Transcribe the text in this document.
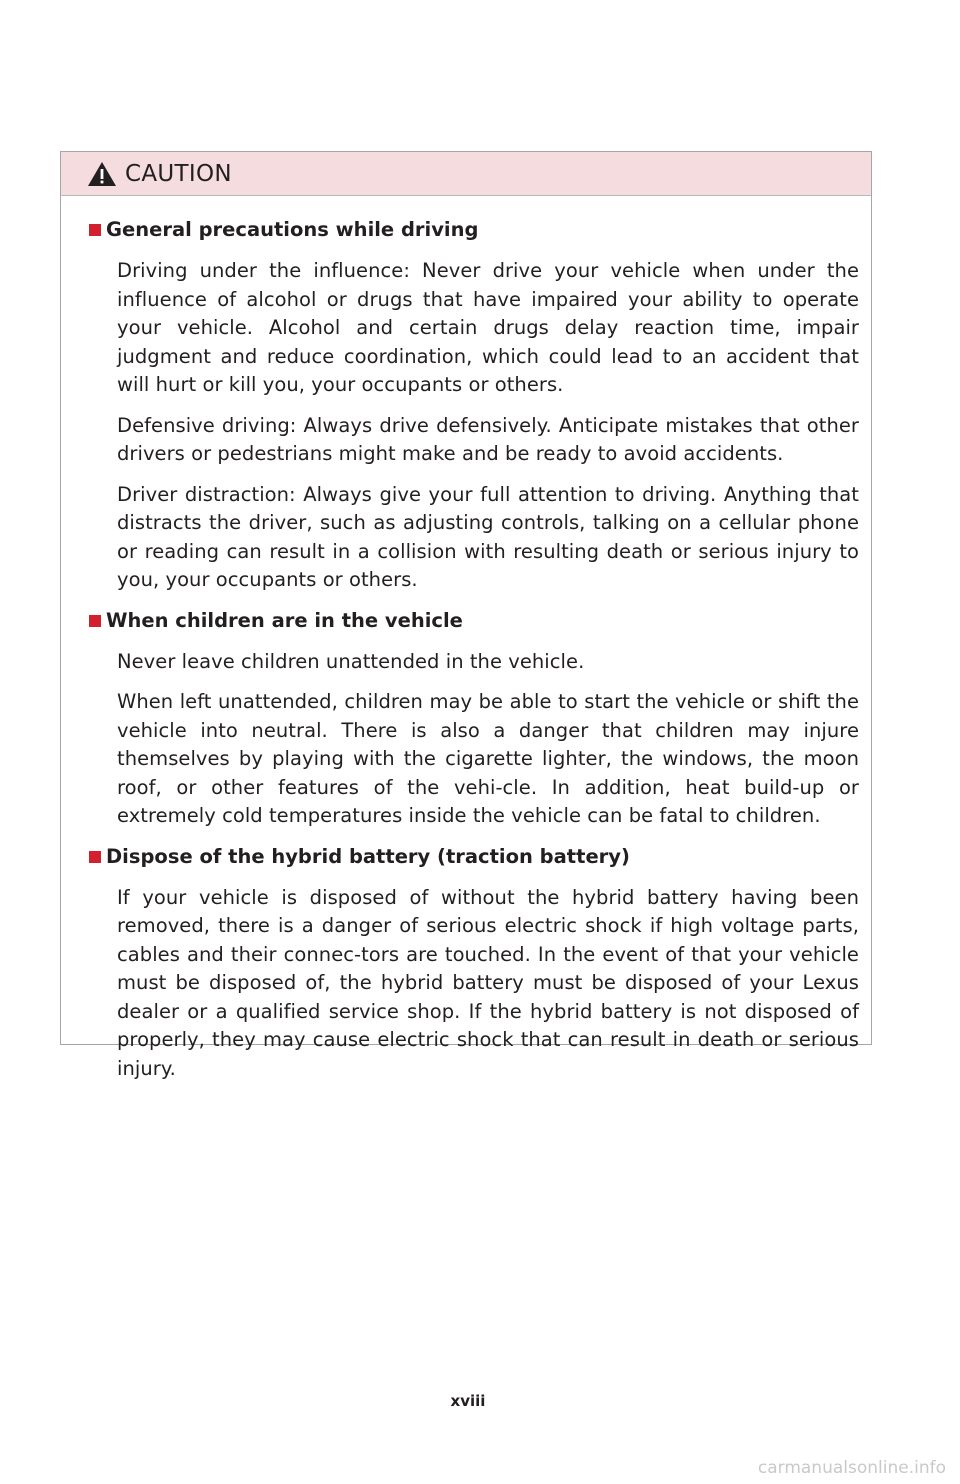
CAUTION
General precautions while driving

Driving under the influence: Never drive your vehicle when under the influence of alcohol or drugs that have impaired your ability to operate your vehicle. Alcohol and certain drugs delay reaction time, impair judgment and reduce coordination, which could lead to an accident that will hurt or kill you, your occupants or others.

Defensive driving: Always drive defensively. Anticipate mistakes that other drivers or pedestrians might make and be ready to avoid accidents.

Driver distraction: Always give your full attention to driving. Anything that distracts the driver, such as adjusting controls, talking on a cellular phone or reading can result in a collision with resulting death or serious injury to you, your occupants or others.

When children are in the vehicle

Never leave children unattended in the vehicle.

When left unattended, children may be able to start the vehicle or shift the vehicle into neutral. There is also a danger that children may injure themselves by playing with the cigarette lighter, the windows, the moon roof, or other features of the vehi-cle. In addition, heat build-up or extremely cold temperatures inside the vehicle can be fatal to children.

Dispose of the hybrid battery (traction battery)

If your vehicle is disposed of without the hybrid battery having been removed, there is a danger of serious electric shock if high voltage parts, cables and their connec-tors are touched. In the event of that your vehicle must be disposed of, the hybrid battery must be disposed of your Lexus dealer or a qualified service shop. If the hybrid battery is not disposed of properly, they may cause electric shock that can result in death or serious injury.

xviii
carmanualsonline.info
